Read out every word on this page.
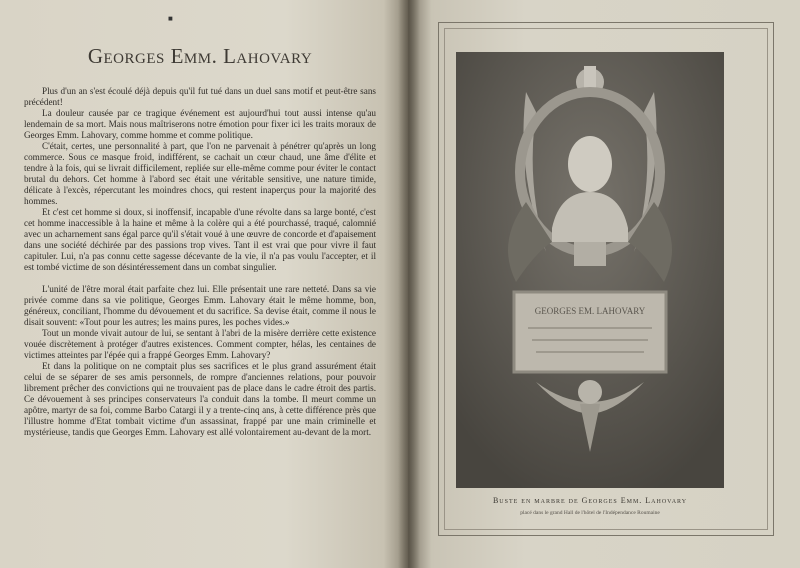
■
Georges Emm. Lahovary

Plus d'un an s'est écoulé déjà depuis qu'il fut tué dans un duel sans motif et peut-être sans précédent!

La douleur causée par ce tragique événement est aujourd'hui tout aussi intense qu'au lendemain de sa mort. Mais nous maîtriserons notre émotion pour fixer ici les traits moraux de Georges Emm. Lahovary, comme homme et comme politique.

C'était, certes, une personnalité à part, que l'on ne parvenait à pénétrer qu'après un long commerce. Sous ce masque froid, indifférent, se cachait un cœur chaud, une âme d'élite et tendre à la fois, qui se livrait difficilement, repliée sur elle-même comme pour éviter le contact brutal du dehors. Cet homme à l'abord sec était une véritable sensitive, une nature timide, délicate à l'excès, répercutant les moindres chocs, qui restent inaperçus pour la majorité des hommes.

Et c'est cet homme si doux, si inoffensif, incapable d'une révolte dans sa large bonté, c'est cet homme inaccessible à la haine et même à la colère qui a été pourchassé, traqué, calomnié avec un acharnement sans égal parce qu'il s'était voué à une œuvre de concorde et d'apaisement dans une société déchirée par des passions trop vives. Tant il est vrai que pour vivre il faut capituler. Lui, n'a pas connu cette sagesse décevante de la vie, il n'a pas voulu l'accepter, et il est tombé victime de son désintéressement dans un combat singulier.

L'unité de l'être moral était parfaite chez lui. Elle présentait une rare netteté. Dans sa vie privée comme dans sa vie politique, Georges Emm. Lahovary était le même homme, bon, généreux, conciliant, l'homme du dévouement et du sacrifice. Sa devise était, comme il nous le disait souvent: «Tout pour les autres; les mains pures, les poches vides.»

Tout un monde vivait autour de lui, se sentant à l'abri de la misère derrière cette existence vouée discrètement à protéger d'autres existences. Comment compter, hélas, les centaines de victimes atteintes par l'épée qui a frappé Georges Emm. Lahovary?

Et dans la politique on ne comptait plus ses sacrifices et le plus grand assurément était celui de se séparer de ses amis personnels, de rompre d'anciennes relations, pour pouvoir librement prêcher des convictions qui ne trouvaient pas de place dans le cadre étroit des partis. Ce dévouement à ses principes conservateurs l'a conduit dans la tombe. Il meurt comme un apôtre, martyr de sa foi, comme Barbo Catargi il y a trente-cinq ans, à cette différence près que l'illustre homme d'Etat tombait victime d'un assassinat, frappé par une main criminelle et mystérieuse, tandis que Georges Emm. Lahovary est allé volontairement au-devant de la mort.

GEORGES EM. LAHOVARY
Buste en marbre de Georges Emm. Lahovary
placé dans le grand Hall de l'hôtel de l'Indépendance Roumaine
